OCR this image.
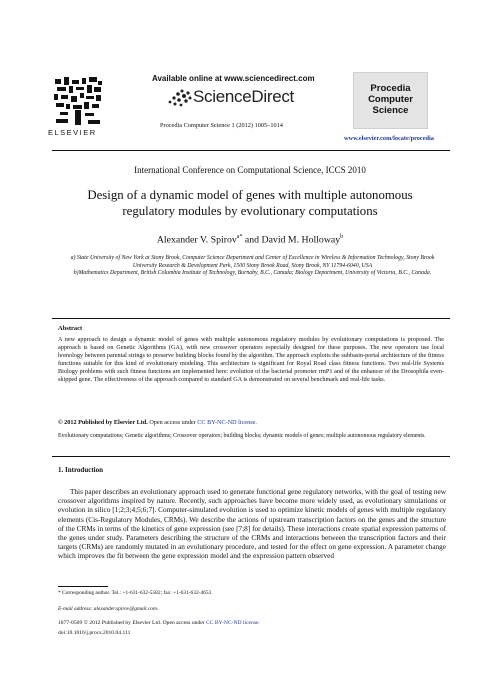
ELSEVIER
Available online at www.sciencedirect.com
ScienceDirect
Procedia Computer Science 1 (2012) 1005–1014
Procedia
Computer
Science
www.elsevier.com/locate/procedia
International Conference on Computational Science, ICCS 2010
Design of a dynamic model of genes with multiple autonomous
regulatory modules by evolutionary computations
Alexander V. Spirov$^{a*}$ and David M. Holloway$^b$
a) State University of New York at Stony Brook, Computer Science Department and Center of Excellence in Wireless & Information Technology, Stony Brook University Research & Development Park, 1500 Stony Brook Road, Stony Brook, NY 11794-6040, USA
b)Mathematics Department, British Columbia Institute of Technology, Burnaby, B.C., Canada; Biology Department, University of Victoria, B.C., Canada.
Abstract
A new approach to design a dynamic model of genes with multiple autonomous regulatory modules by evolutionary computations is proposed. The approach is based on Genetic Algorithms (GA), with new crossover operators especially designed for these purposes. The new operators use local homology between parental strings to preserve building blocks found by the algorithm. The approach exploits the subbasin-portal architecture of the fitness functions suitable for this kind of evolutionary modeling. This architecture is significant for Royal Road class fitness functions. Two real-life Systems Biology problems with such fitness functions are implemented here: evolution of the bacterial promoter rrnP1 and of the enhancer of the Drosophila even-skipped gene. The effectiveness of the approach compared to standard GA is demonstrated on several benchmark and real-life tasks.
© 2012 Published by Elsevier Ltd. Open access under CC BY-NC-ND license.
Evolutionary computations; Genetic algorithms; Crossover operators; building blocks; dynamic models of genes; multiple autonomous regulatory elements.
1. Introduction
This paper describes an evolutionary approach used to generate functional gene regulatory networks, with the goal of testing new crossover algorithms inspired by nature. Recently, such approaches have become more widely used, as evolutionary simulations or evolution in silico [1;2;3;4;5;6;7]. Computer-simulated evolution is used to optimize kinetic models of genes with multiple regulatory elements (Cis-Regulatory Modules, CRMs). We describe the actions of upstream transcription factors on the genes and the structure of the CRMs in terms of the kinetics of gene expression (see [7;8] for details). These interactions create spatial expression patterns of the genes under study. Parameters describing the structure of the CRMs and interactions between the transcription factors and their targets (CRMs) are randomly mutated in an evolutionary procedure, and tested for the effect on gene expression. A parameter change which improves the fit between the gene expression model and the expression pattern observed
* Corresponding author. Tel.: +1-631-632-5582; fax: +1-631-632-4653.
E-mail address: alexander.spirov@gmail.com.
1877-0509 © 2012 Published by Elsevier Ltd. Open access under CC BY-NC-ND license.
doi:10.1016/j.procs.2010.04.111
